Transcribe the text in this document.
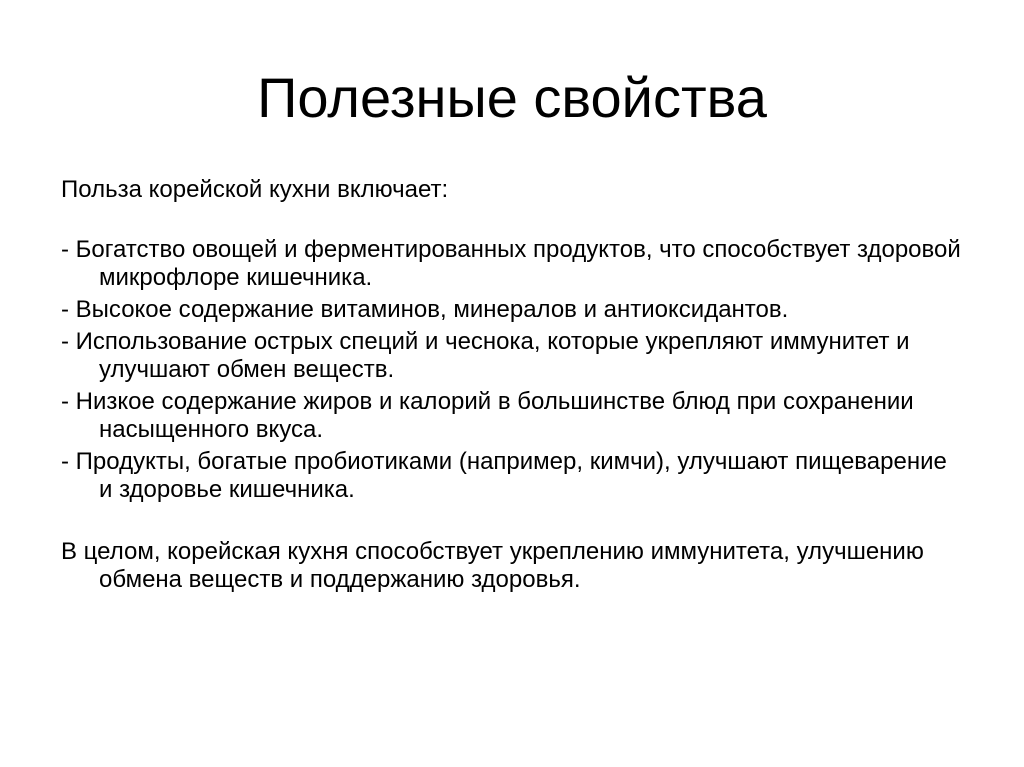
Полезные свойства

Польза корейской кухни включает:

- Богатство овощей и ферментированных продуктов, что способствует здоровой микрофлоре кишечника.

- Высокое содержание витаминов, минералов и антиоксидантов.

- Использование острых специй и чеснока, которые укрепляют иммунитет и улучшают обмен веществ.

- Низкое содержание жиров и калорий в большинстве блюд при сохранении насыщенного вкуса.

- Продукты, богатые пробиотиками (например, кимчи), улучшают пищеварение и здоровье кишечника.

В целом, корейская кухня способствует укреплению иммунитета, улучшению обмена веществ и поддержанию здоровья.
